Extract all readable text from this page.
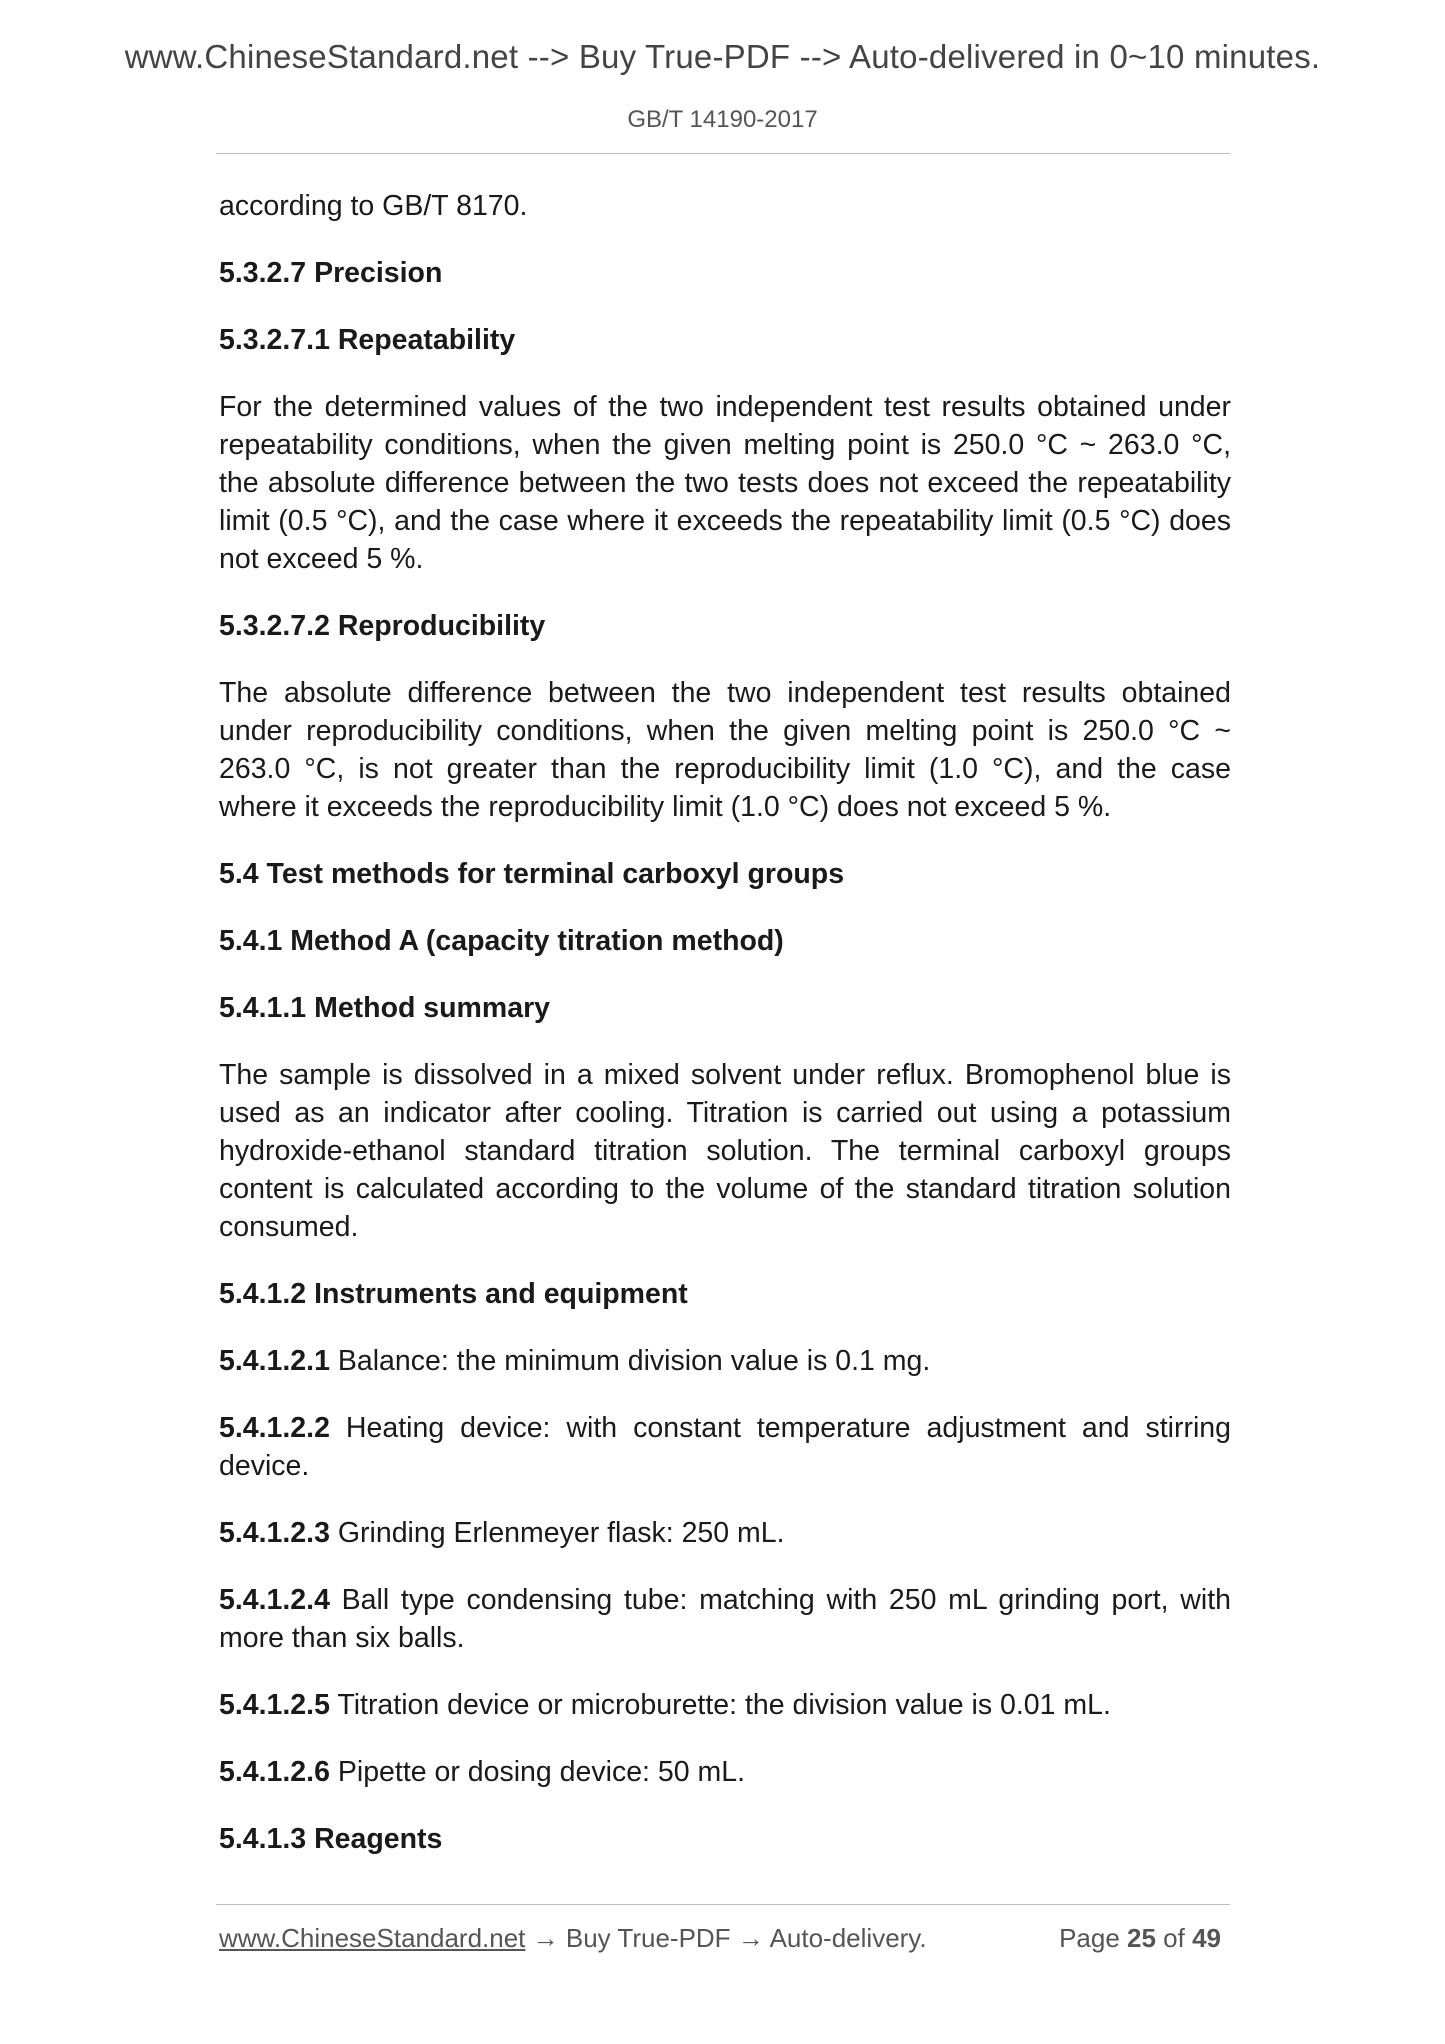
www.ChineseStandard.net --> Buy True-PDF --> Auto-delivered in 0~10 minutes.
GB/T 14190-2017

according to GB/T 8170.

5.3.2.7 Precision

5.3.2.7.1 Repeatability

For the determined values of the two independent test results obtained under repeatability conditions, when the given melting point is 250.0 °C ~ 263.0 °C, the absolute difference between the two tests does not exceed the repeatability limit (0.5 °C), and the case where it exceeds the repeatability limit (0.5 °C) does not exceed 5 %.

5.3.2.7.2 Reproducibility

The absolute difference between the two independent test results obtained under reproducibility conditions, when the given melting point is 250.0 °C ~ 263.0 °C, is not greater than the reproducibility limit (1.0 °C), and the case where it exceeds the reproducibility limit (1.0 °C) does not exceed 5 %.

5.4 Test methods for terminal carboxyl groups

5.4.1 Method A (capacity titration method)

5.4.1.1 Method summary

The sample is dissolved in a mixed solvent under reflux. Bromophenol blue is used as an indicator after cooling. Titration is carried out using a potassium hydroxide-ethanol standard titration solution. The terminal carboxyl groups content is calculated according to the volume of the standard titration solution consumed.

5.4.1.2 Instruments and equipment

5.4.1.2.1 Balance: the minimum division value is 0.1 mg.

5.4.1.2.2 Heating device: with constant temperature adjustment and stirring device.

5.4.1.2.3 Grinding Erlenmeyer flask: 250 mL.

5.4.1.2.4 Ball type condensing tube: matching with 250 mL grinding port, with more than six balls.

5.4.1.2.5 Titration device or microburette: the division value is 0.01 mL.

5.4.1.2.6 Pipette or dosing device: 50 mL.

5.4.1.3 Reagents

www.ChineseStandard.net → Buy True-PDF → Auto-delivery.	Page 25 of 49
